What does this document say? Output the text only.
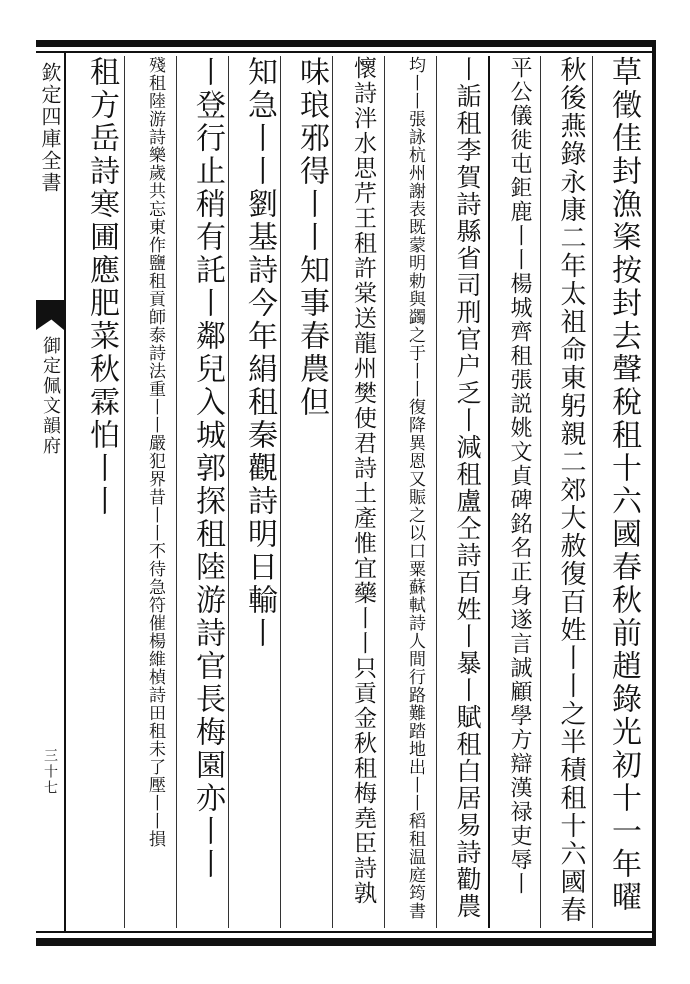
欽定四庫全書
御定佩文韻府
三十七	草徵佳封漁秶按封去聲稅租十六國春秋前趙錄光初十一年曜
秋後燕錄永康二年太祖命東躬親二郊大赦復百姓丨丨之半積租十六國春
平公儀徙屯鉅鹿丨丨楊城齊租張説姚文貞碑銘名正身遂言誠顧學方辯漢禄吏辱丨
丨詬租李賀詩縣省司刑官户乏丨減租盧仝詩百姓丨暴丨賦租白居易詩勸農
均丨丨張詠杭州謝表既蒙明勅與蠲之于丨丨復降異恩又賑之以口粟蘇軾詩人間行路難踏地出丨丨稻租温庭筠書
懷詩泮水思芹王租許棠送龍州樊使君詩土產惟宜藥丨丨只貢金秋租梅堯臣詩孰
味琅邪得丨丨知事春農但
知急丨丨劉基詩今年絹租秦觀詩明日輸丨
丨登行止稍有託丨鄰兒入城郭探租陸游詩官長梅園亦丨丨
殘租陸游詩樂歲共忘東作鹽租貢師泰詩法重丨丨嚴犯界昔丨丨不待急符催楊維楨詩田租未了壓丨丨損
租方岳詩寒圃應肥菜秋霖怕丨丨
